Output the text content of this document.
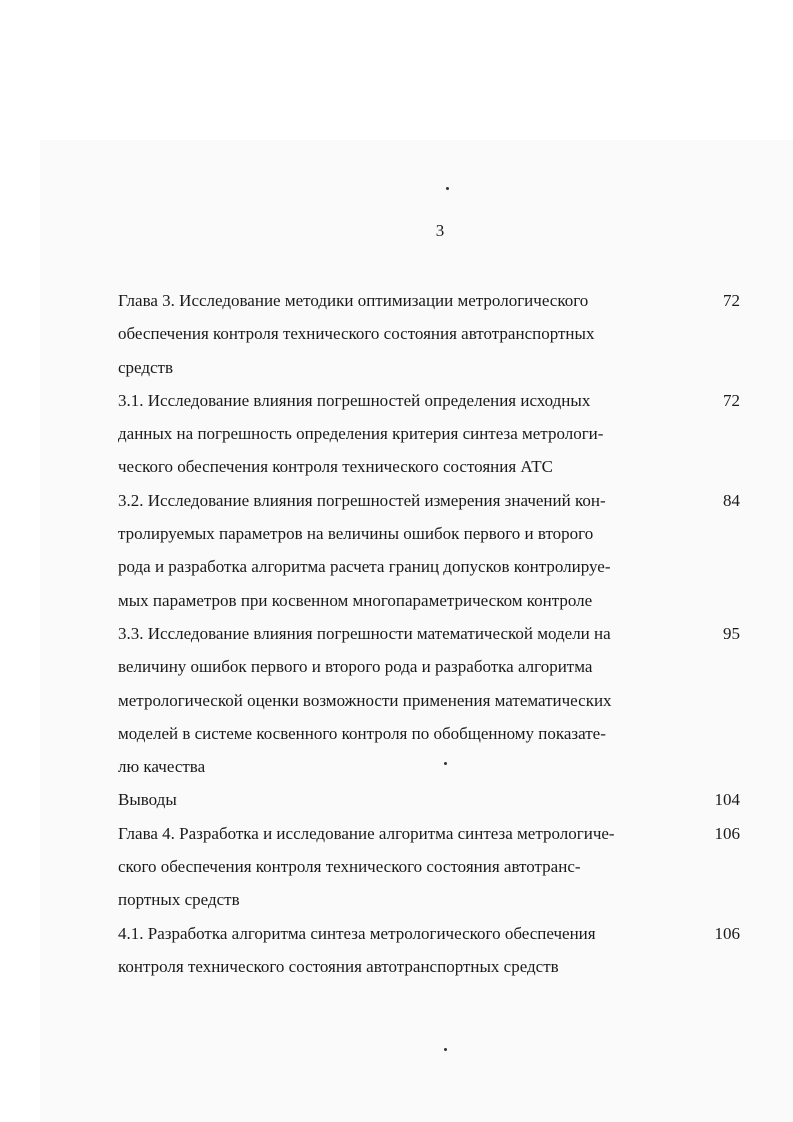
3
Глава 3. Исследование методики оптимизации метрологического
обеспечения контроля технического состояния автотранспортных
средств
72
3.1. Исследование влияния погрешностей определения исходных
данных на погрешность определения критерия синтеза метрологи-
ческого обеспечения контроля технического состояния АТС
72
3.2. Исследование влияния погрешностей измерения значений кон-
тролируемых параметров на величины ошибок первого и второго
рода и разработка алгоритма расчета границ допусков контролируе-
мых параметров при косвенном многопараметрическом контроле
84
3.3. Исследование влияния погрешности математической модели на
величину ошибок первого и второго рода и разработка алгоритма
метрологической оценки возможности применения математических
моделей в системе косвенного контроля по обобщенному показате-
лю качества
95
Выводы	104
Глава 4. Разработка и исследование алгоритма синтеза метрологиче-
ского обеспечения контроля технического состояния автотранс-
портных средств
106
4.1. Разработка алгоритма синтеза метрологического обеспечения
контроля технического состояния автотранспортных средств
106
